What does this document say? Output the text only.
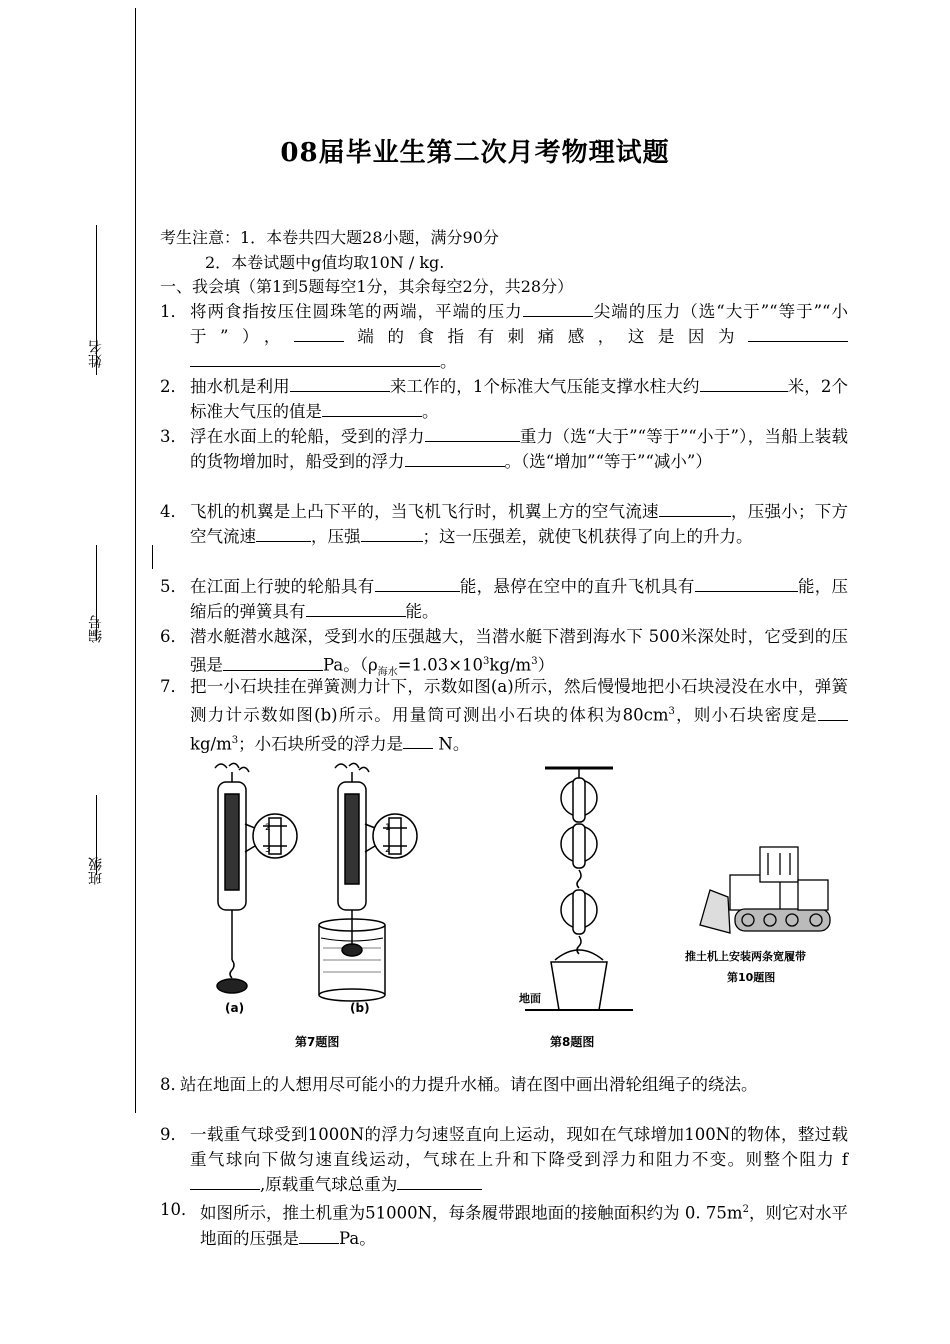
姓名
编号
班级
08届毕业生第二次月考物理试题
考生注意：1．本卷共四大题28小题，满分90分
2．本卷试题中g值均取10N / kg.
一、我会填（第1到5题每空1分，其余每空2分，共28分）
1． 将两食指按压住圆珠笔的两端，平端的压力	尖端的压力（选“大于”“等于”“小于”），	端的食指有刺痛感，这是因为。
2． 抽水机是利用	来工作的，1个标准大气压能支撑水柱大约	米，2个标准大气压的值是	。
3． 浮在水面上的轮船，受到的浮力	重力（选“大于”“等于”“小于”），当船上装载的货物增加时，船受到的浮力	。（选“增加”“等于”“减小”）
4． 飞机的机翼是上凸下平的，当飞机飞行时，机翼上方的空气流速	，压强小；下方空气流速	，压强	；这一压强差，就使飞机获得了向上的升力。
5． 在江面上行驶的轮船具有	能，悬停在空中的直升飞机具有	能，压缩后的弹簧具有	能。
6． 潜水艇潜水越深，受到水的压强越大，当潜水艇下潜到海水下 500米深处时，它受到的压强是	Pa。$(\rho_{海水}=1.03\times 10^3kg/m^3)$
7． 把一小石块挂在弹簧测力计下，示数如图(a)所示，然后慢慢地把小石块浸没在水中，弹簧测力计示数如图(b)所示。用量筒可测出小石块的体积为$80cm^3$，则小石块密度是$kg/m^3$；小石块所受的浮力是 N。
2
3
1
2
(a)	(b)
第7题图
地面
第8题图
推土机上安装两条宽履带
第10题图
8．
站在地面上的人想用尽可能小的力提升水桶。请在图中画出滑轮组绳子的绕法。
9． 一载重气球受到1000N的浮力匀速竖直向上运动，现如在气球增加100N的物体，整过载重气球向下做匀速直线运动，气球在上升和下降受到浮力和阻力不变。则整个阻力 f,原载重气球总重为
10． 如图所示，推土机重为51000N，每条履带跟地面的接触面积约为 0. $75m^2$，则它对水平地面的压强是 Pa。
